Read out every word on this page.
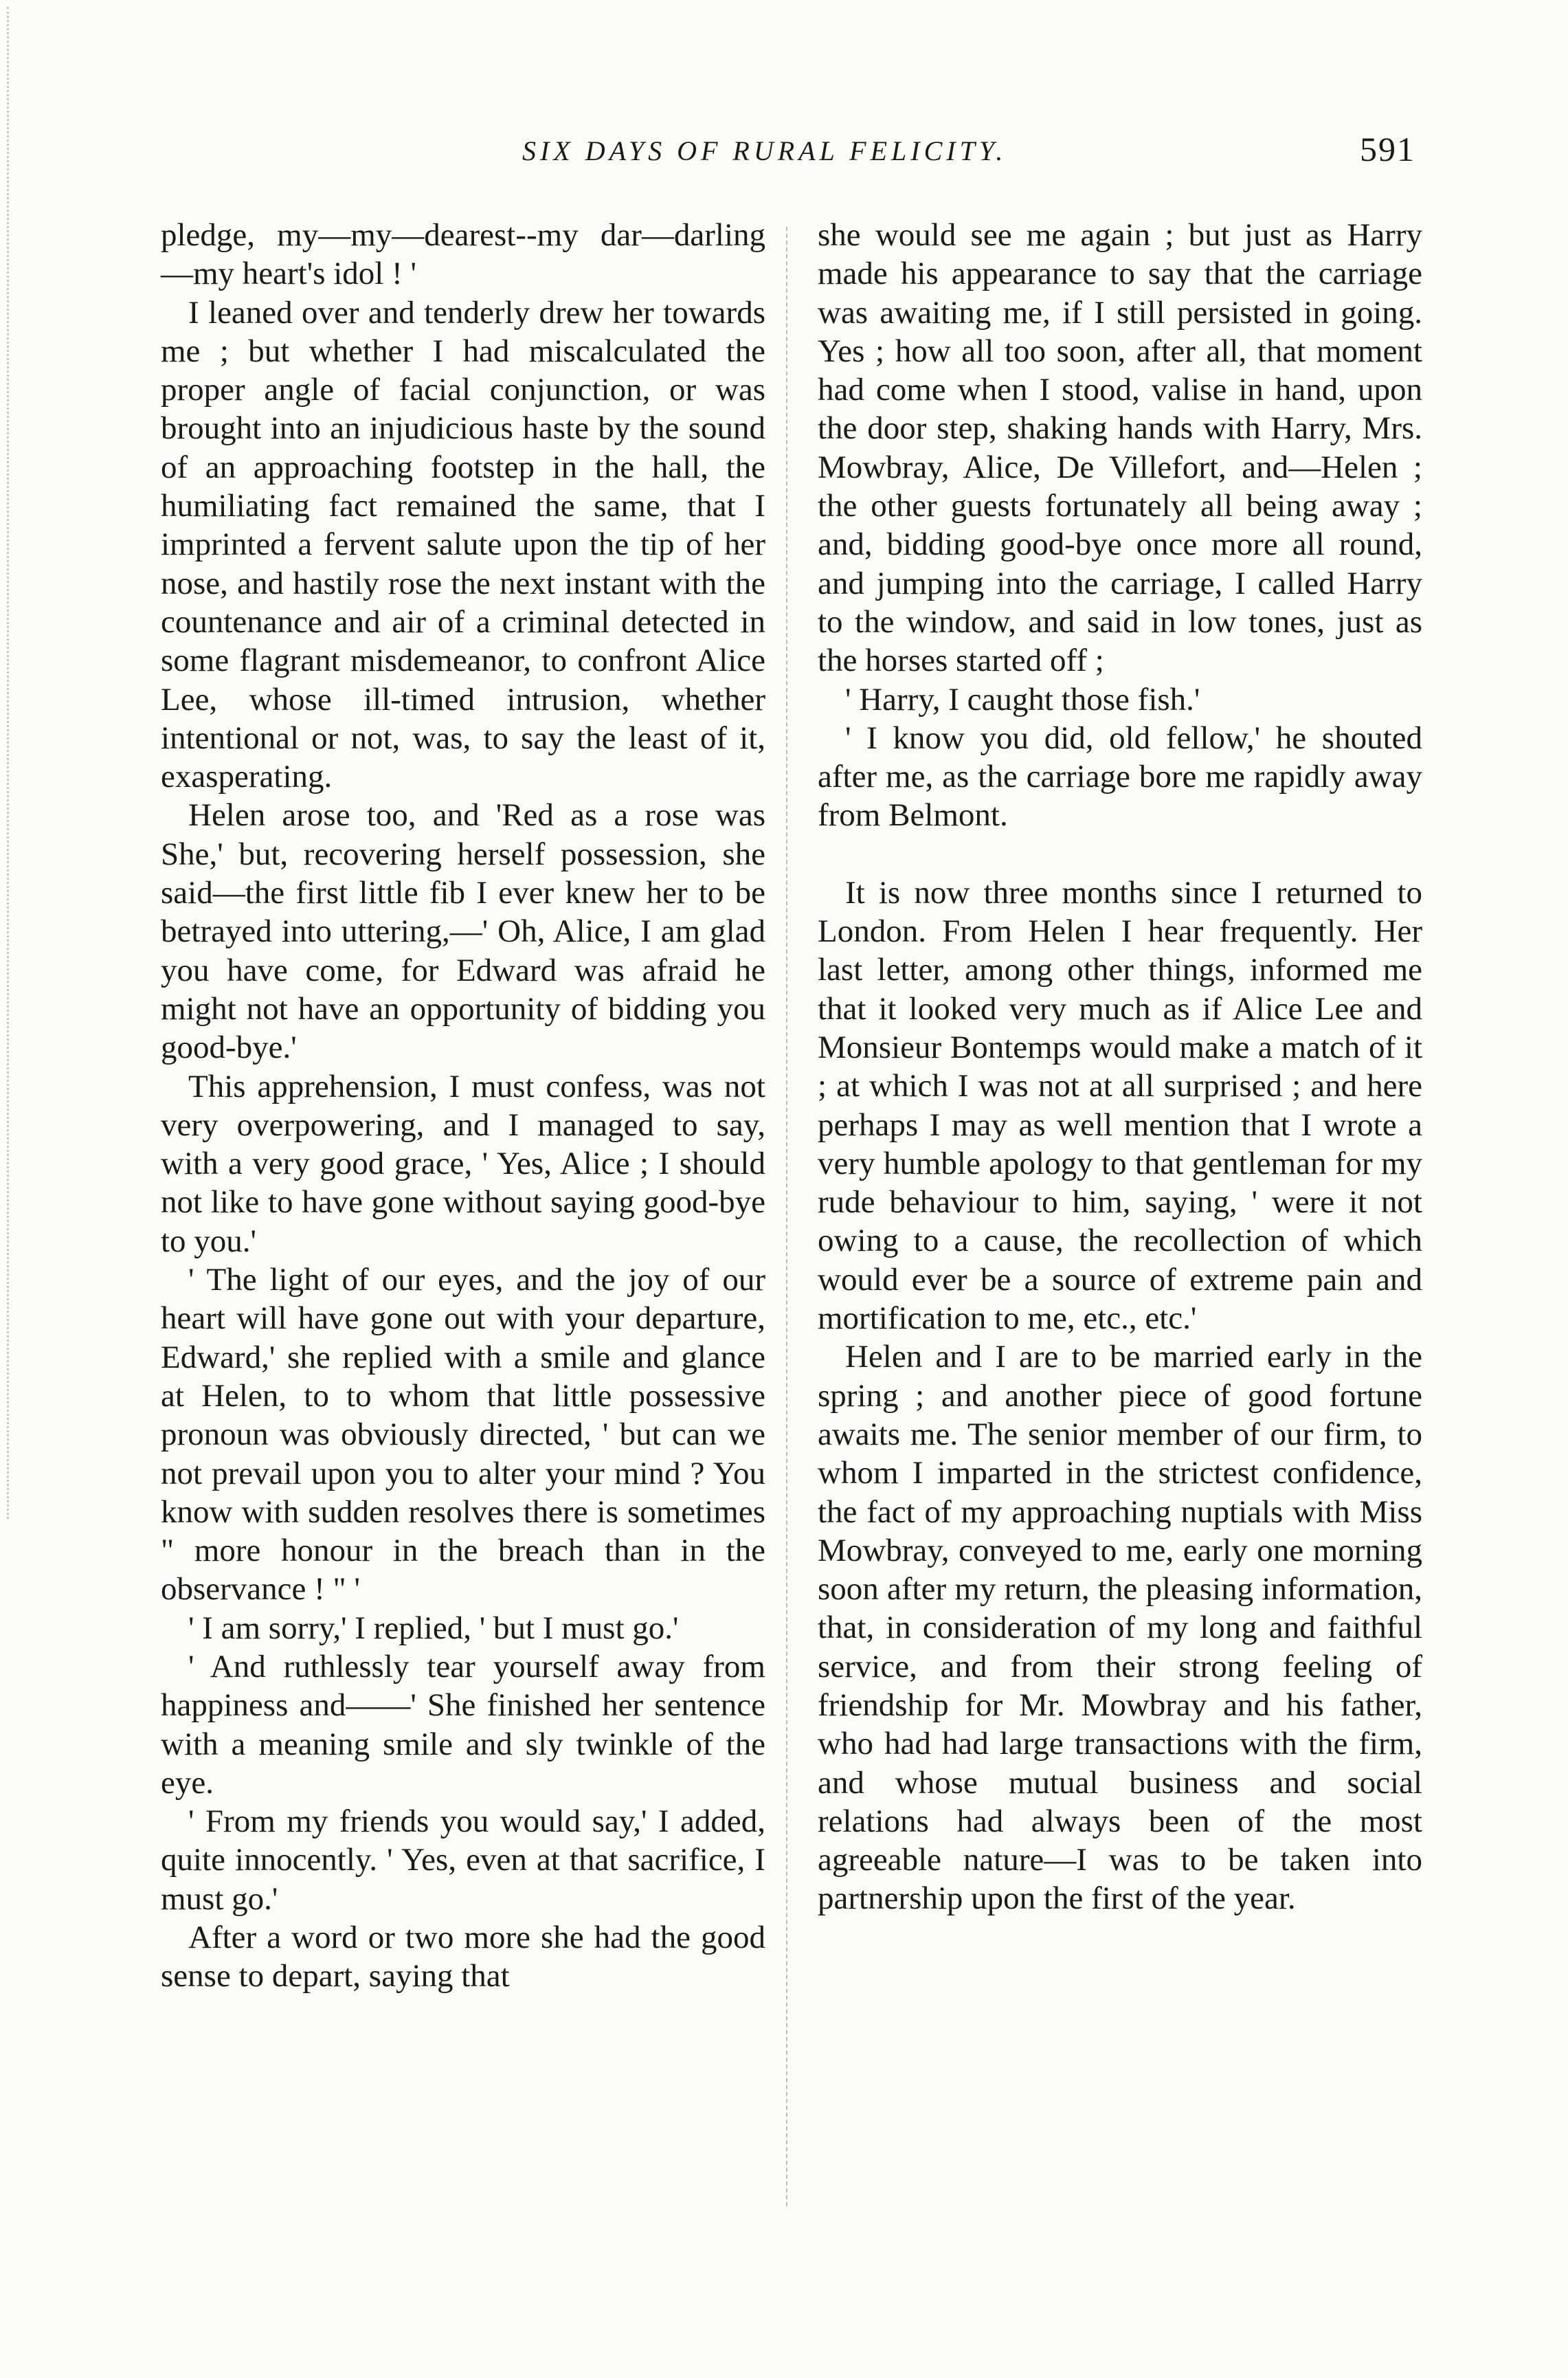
SIX DAYS OF RURAL FELICITY.	591

pledge, my—my—dearest--my dar—darling—my heart's idol ! '

I leaned over and tenderly drew her towards me ; but whether I had miscalculated the proper angle of facial conjunction, or was brought into an injudicious haste by the sound of an approaching footstep in the hall, the humiliating fact remained the same, that I imprinted a fervent salute upon the tip of her nose, and hastily rose the next instant with the countenance and air of a criminal detected in some flagrant misdemeanor, to confront Alice Lee, whose ill-timed intrusion, whether intentional or not, was, to say the least of it, exasperating.

Helen arose too, and 'Red as a rose was She,' but, recovering herself possession, she said—the first little fib I ever knew her to be betrayed into uttering,—' Oh, Alice, I am glad you have come, for Edward was afraid he might not have an opportunity of bidding you good-bye.'

This apprehension, I must confess, was not very overpowering, and I managed to say, with a very good grace, ' Yes, Alice ; I should not like to have gone without saying good-bye to you.'

' The light of our eyes, and the joy of our heart will have gone out with your departure, Edward,' she replied with a smile and glance at Helen, to to whom that little possessive pronoun was obviously directed, ' but can we not prevail upon you to alter your mind ? You know with sudden resolves there is sometimes " more honour in the breach than in the observance ! " '

' I am sorry,' I replied, ' but I must go.'

' And ruthlessly tear yourself away from happiness and——' She finished her sentence with a meaning smile and sly twinkle of the eye.

' From my friends you would say,' I added, quite innocently. ' Yes, even at that sacrifice, I must go.'

After a word or two more she had the good sense to depart, saying that

she would see me again ; but just as Harry made his appearance to say that the carriage was awaiting me, if I still persisted in going. Yes ; how all too soon, after all, that moment had come when I stood, valise in hand, upon the door step, shaking hands with Harry, Mrs. Mowbray, Alice, De Villefort, and—Helen ; the other guests fortunately all being away ; and, bidding good-bye once more all round, and jumping into the carriage, I called Harry to the window, and said in low tones, just as the horses started off ;

' Harry, I caught those fish.'

' I know you did, old fellow,' he shouted after me, as the carriage bore me rapidly away from Belmont.

It is now three months since I returned to London. From Helen I hear frequently. Her last letter, among other things, informed me that it looked very much as if Alice Lee and Monsieur Bontemps would make a match of it ; at which I was not at all surprised ; and here perhaps I may as well mention that I wrote a very humble apology to that gentleman for my rude behaviour to him, saying, ' were it not owing to a cause, the recollection of which would ever be a source of extreme pain and mortification to me, etc., etc.'

Helen and I are to be married early in the spring ; and another piece of good fortune awaits me. The senior member of our firm, to whom I imparted in the strictest confidence, the fact of my approaching nuptials with Miss Mowbray, conveyed to me, early one morning soon after my return, the pleasing information, that, in consideration of my long and faithful service, and from their strong feeling of friendship for Mr. Mowbray and his father, who had had large transactions with the firm, and whose mutual business and social relations had always been of the most agreeable nature—I was to be taken into partnership upon the first of the year.
